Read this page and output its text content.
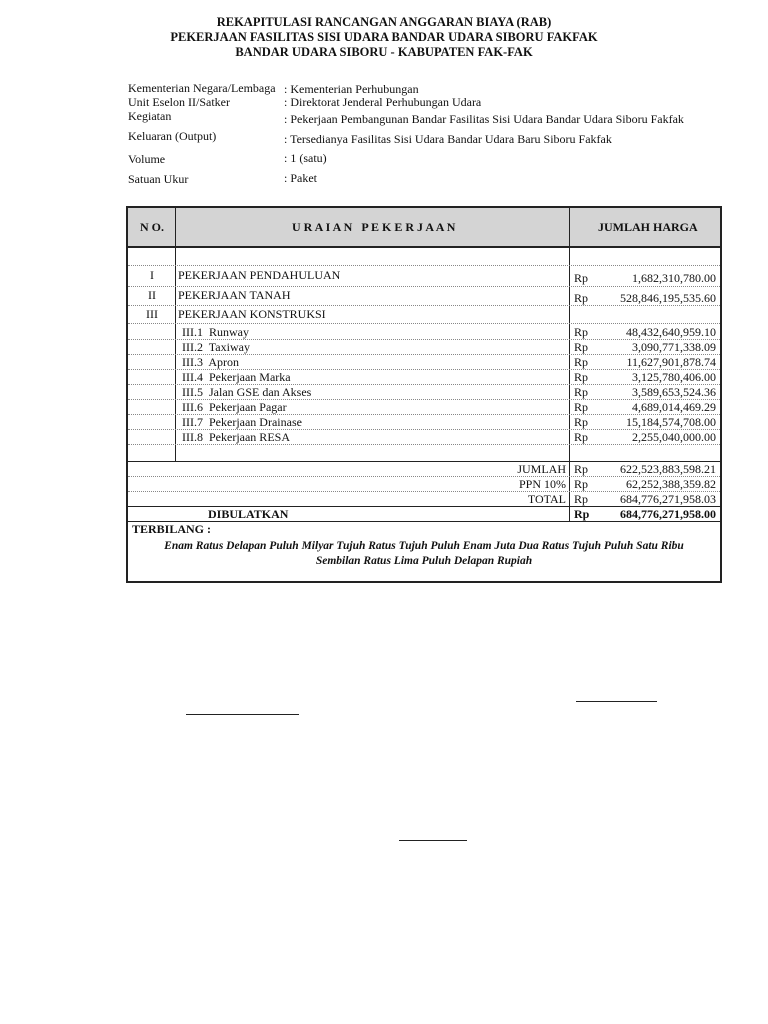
REKAPITULASI RANCANGAN ANGGARAN BIAYA (RAB)
PEKERJAAN FASILITAS SISI UDARA BANDAR UDARA SIBORU FAKFAK
BANDAR UDARA SIBORU - KABUPATEN FAK-FAK
Kementerian Negara/Lembaga : Kementerian Perhubungan
Unit Eselon II/Satker	: Direktorat Jenderal Perhubungan Udara
Kegiatan	: Pekerjaan Pembangunan Bandar Fasilitas Sisi Udara Bandar Udara Siboru Fakfak
Keluaran (Output)	: Tersedianya Fasilitas Sisi Udara Bandar Udara Baru Siboru Fakfak
Volume	: 1 (satu)
Satuan Ukur	: Paket
N O.	U R A I A N   P E K E R J A A N	JUMLAH HARGA
I	PEKERJAAN PENDAHULUAN	Rp	1,682,310,780.00
II	PEKERJAAN TANAH	Rp	528,846,195,535.60
III	PEKERJAAN KONSTRUKSI
III.1 Runway	Rp	48,432,640,959.10
III.2 Taxiway	Rp	3,090,771,338.09
III.3 Apron	Rp	11,627,901,878.74
III.4 Pekerjaan Marka	Rp	3,125,780,406.00
III.5 Jalan GSE dan Akses	Rp	3,589,653,524.36
III.6 Pekerjaan Pagar	Rp	4,689,014,469.29
III.7 Pekerjaan Drainase	Rp	15,184,574,708.00
III.8 Pekerjaan RESA	Rp	2,255,040,000.00
JUMLAH Rp	622,523,883,598.21
PPN 10% Rp	62,252,388,359.82
TOTAL Rp	684,776,271,958.03
DIBULATKAN	Rp	684,776,271,958.00
TERBILANG :
Enam Ratus Delapan Puluh Milyar Tujuh Ratus Tujuh Puluh Enam Juta Dua Ratus Tujuh Puluh Satu Ribu
Sembilan Ratus Lima Puluh Delapan Rupiah
